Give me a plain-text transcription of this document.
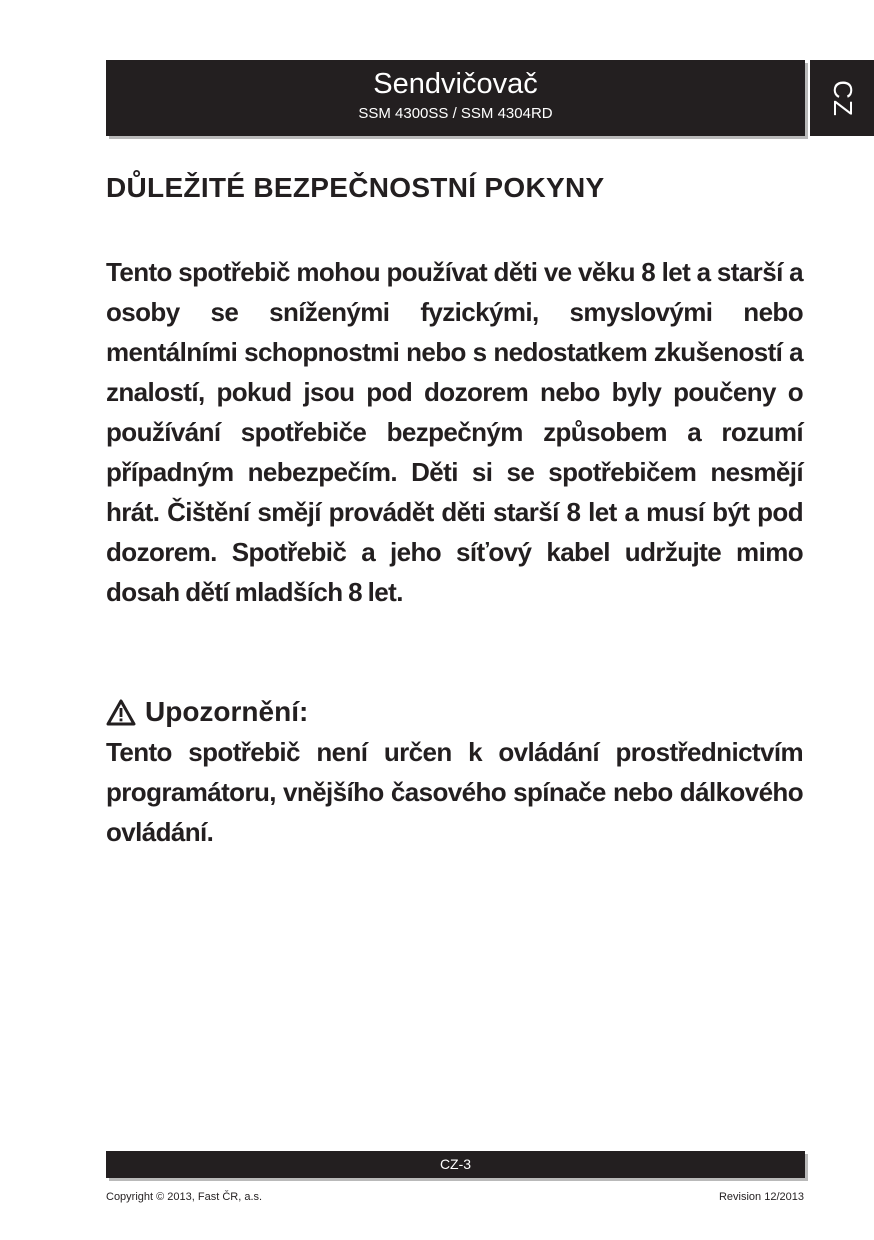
Sendvičovač
SSM 4300SS / SSM 4304RD	CZ
DŮLEŽITÉ BEZPEČNOSTNÍ POKYNY

Tento spotřebič mohou používat děti ve věku 8 let a starší a osoby se sníženými fyzickými, smyslovými nebo mentálními schopnostmi nebo s nedostatkem zkušeností a znalostí, pokud jsou pod dozorem nebo byly poučeny o používání spotřebiče bezpečným způsobem a rozumí případným nebezpečím. Děti si se spotřebičem nesmějí hrát. Čištění smějí provádět děti starší 8 let a musí být pod dozorem. Spotřebič a jeho síťový kabel udržujte mimo dosah dětí mladších 8 let.

Upozornění:

Tento spotřebič není určen k ovládání prostřednictvím programátoru, vnějšího časového spínače nebo dálkového ovládání.

CZ-3
Copyright © 2013, Fast ČR, a.s.	Revision 12/2013
